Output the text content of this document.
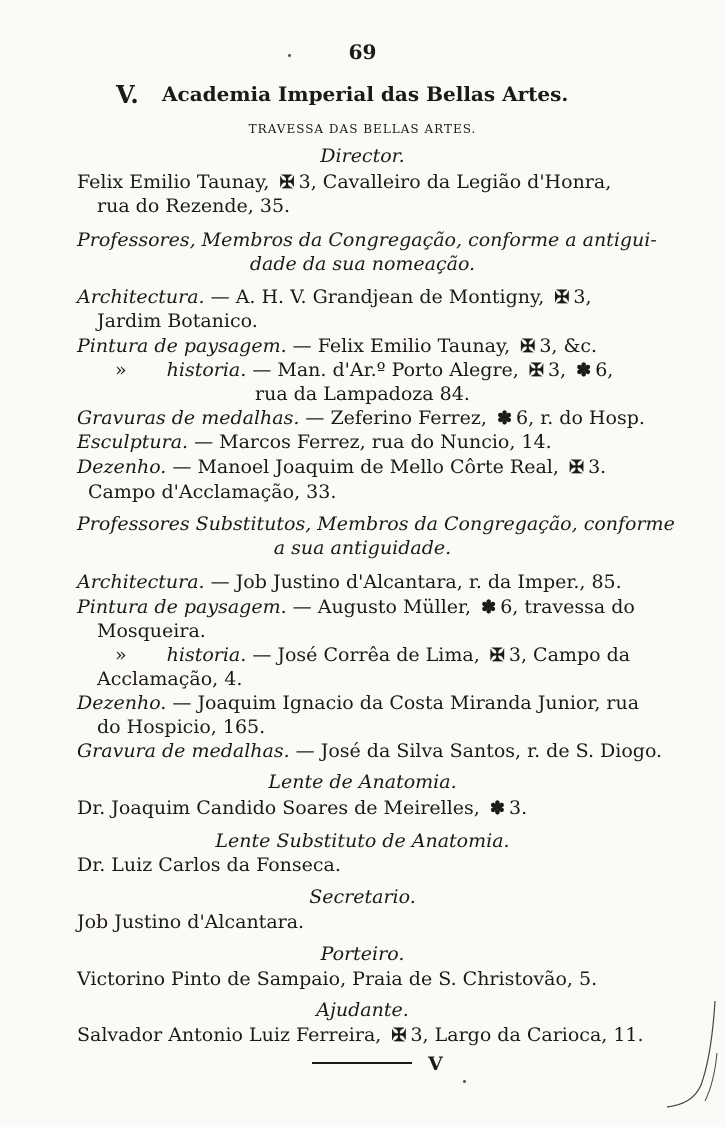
69
V. Academia Imperial das Bellas Artes.
TRAVESSA DAS BELLAS ARTES.
Director.
Felix Emilio Taunay, ✠ 3, Cavalleiro da Legião d'Honra,
rua do Rezende, 35.
Professores, Membros da Congregação, conforme a antigui-
dade da sua nomeação.
Architectura. — A. H. V. Grandjean de Montigny, ✠ 3,
Jardim Botanico.
Pintura de paysagem. — Felix Emilio Taunay, ✠ 3, &c.
» historia. — Man. d'Ar.º Porto Alegre, ✠ 3, ✽ 6,
rua da Lampadoza 84.
Gravuras de medalhas. — Zeferino Ferrez, ✽ 6, r. do Hosp.
Esculptura. — Marcos Ferrez, rua do Nuncio, 14.
Dezenho. — Manoel Joaquim de Mello Côrte Real, ✠ 3.
Campo d'Acclamação, 33.
Professores Substitutos, Membros da Congregação, conforme
a sua antiguidade.
Architectura. — Job Justino d'Alcantara, r. da Imper., 85.
Pintura de paysagem. — Augusto Müller, ✽ 6, travessa do
Mosqueira.
» historia. — José Corrêa de Lima, ✠ 3, Campo da
Acclamação, 4.
Dezenho. — Joaquim Ignacio da Costa Miranda Junior, rua
do Hospicio, 165.
Gravura de medalhas. — José da Silva Santos, r. de S. Diogo.
Lente de Anatomia.
Dr. Joaquim Candido Soares de Meirelles, ✽ 3.
Lente Substituto de Anatomia.
Dr. Luiz Carlos da Fonseca.
Secretario.
Job Justino d'Alcantara.
Porteiro.
Victorino Pinto de Sampaio, Praia de S. Christovão, 5.
Ajudante.
Salvador Antonio Luiz Ferreira, ✠ 3, Largo da Carioca, 11.
V
